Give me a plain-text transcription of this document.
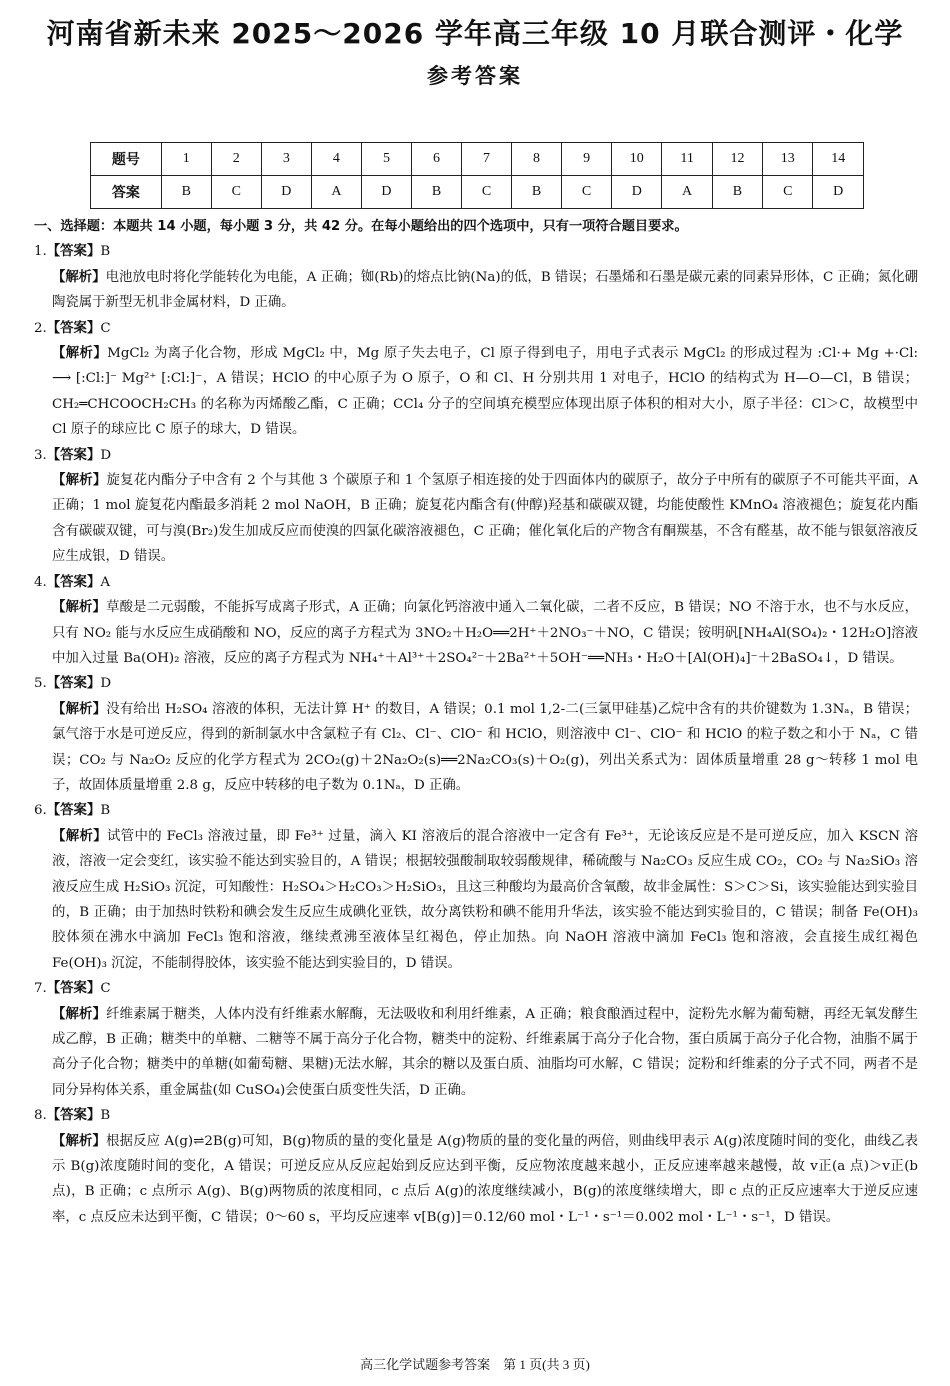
河南省新未来 2025～2026 学年高三年级 10 月联合测评・化学
参考答案
题号	1	2	3	4	5	6	7	8	9	10	11	12	13	14
答案	B	C	D	A	D	B	C	B	C	D	A	B	C	D
一、选择题：本题共 14 小题，每小题 3 分，共 42 分。在每小题给出的四个选项中，只有一项符合题目要求。
1.【答案】B
【解析】电池放电时将化学能转化为电能，A 正确；铷(Rb)的熔点比钠(Na)的低，B 错误；石墨烯和石墨是碳元素的同素异形体，C 正确；氮化硼陶瓷属于新型无机非金属材料，D 正确。
2.【答案】C
【解析】MgCl₂ 为离子化合物，形成 MgCl₂ 中，Mg 原子失去电子，Cl 原子得到电子，用电子式表示 MgCl₂ 的形成过程为 :Cl·+ Mg +·Cl: ⟶ [:Cl:]⁻ Mg²⁺ [:Cl:]⁻，A 错误；HClO 的中心原子为 O 原子，O 和 Cl、H 分别共用 1 对电子，HClO 的结构式为 H—O—Cl，B 错误；CH₂═CHCOOCH₂CH₃ 的名称为丙烯酸乙酯，C 正确；CCl₄ 分子的空间填充模型应体现出原子体积的相对大小，原子半径：Cl＞C，故模型中 Cl 原子的球应比 C 原子的球大，D 错误。
3.【答案】D
【解析】旋复花内酯分子中含有 2 个与其他 3 个碳原子和 1 个氢原子相连接的处于四面体内的碳原子，故分子中所有的碳原子不可能共平面，A 正确；1 mol 旋复花内酯最多消耗 2 mol NaOH，B 正确；旋复花内酯含有(仲醇)羟基和碳碳双键，均能使酸性 KMnO₄ 溶液褪色；旋复花内酯含有碳碳双键，可与溴(Br₂)发生加成反应而使溴的四氯化碳溶液褪色，C 正确；催化氧化后的产物含有酮羰基，不含有醛基，故不能与银氨溶液反应生成银，D 错误。
4.【答案】A
【解析】草酸是二元弱酸，不能拆写成离子形式，A 正确；向氯化钙溶液中通入二氧化碳，二者不反应，B 错误；NO 不溶于水，也不与水反应，只有 NO₂ 能与水反应生成硝酸和 NO，反应的离子方程式为 3NO₂＋H₂O══2H⁺＋2NO₃⁻＋NO，C 错误；铵明矾[NH₄Al(SO₄)₂・12H₂O]溶液中加入过量 Ba(OH)₂ 溶液，反应的离子方程式为 NH₄⁺＋Al³⁺＋2SO₄²⁻＋2Ba²⁺＋5OH⁻══NH₃・H₂O＋[Al(OH)₄]⁻＋2BaSO₄↓，D 错误。
5.【答案】D
【解析】没有给出 H₂SO₄ 溶液的体积，无法计算 H⁺ 的数目，A 错误；0.1 mol 1,2-二(三氯甲硅基)乙烷中含有的共价键数为 1.3Nₐ，B 错误；氯气溶于水是可逆反应，得到的新制氯水中含氯粒子有 Cl₂、Cl⁻、ClO⁻ 和 HClO，则溶液中 Cl⁻、ClO⁻ 和 HClO 的粒子数之和小于 Nₐ，C 错误；CO₂ 与 Na₂O₂ 反应的化学方程式为 2CO₂(g)＋2Na₂O₂(s)══2Na₂CO₃(s)＋O₂(g)，列出关系式为：固体质量增重 28 g～转移 1 mol 电子，故固体质量增重 2.8 g，反应中转移的电子数为 0.1Nₐ，D 正确。
6.【答案】B
【解析】试管中的 FeCl₃ 溶液过量，即 Fe³⁺ 过量，滴入 KI 溶液后的混合溶液中一定含有 Fe³⁺，无论该反应是不是可逆反应，加入 KSCN 溶液，溶液一定会变红，该实验不能达到实验目的，A 错误；根据较强酸制取较弱酸规律，稀硫酸与 Na₂CO₃ 反应生成 CO₂，CO₂ 与 Na₂SiO₃ 溶液反应生成 H₂SiO₃ 沉淀，可知酸性：H₂SO₄＞H₂CO₃＞H₂SiO₃，且这三种酸均为最高价含氧酸，故非金属性：S＞C＞Si，该实验能达到实验目的，B 正确；由于加热时铁粉和碘会发生反应生成碘化亚铁，故分离铁粉和碘不能用升华法，该实验不能达到实验目的，C 错误；制备 Fe(OH)₃ 胶体须在沸水中滴加 FeCl₃ 饱和溶液，继续煮沸至液体呈红褐色，停止加热。向 NaOH 溶液中滴加 FeCl₃ 饱和溶液，会直接生成红褐色 Fe(OH)₃ 沉淀，不能制得胶体，该实验不能达到实验目的，D 错误。
7.【答案】C
【解析】纤维素属于糖类，人体内没有纤维素水解酶，无法吸收和利用纤维素，A 正确；粮食酿酒过程中，淀粉先水解为葡萄糖，再经无氧发酵生成乙醇，B 正确；糖类中的单糖、二糖等不属于高分子化合物，糖类中的淀粉、纤维素属于高分子化合物，蛋白质属于高分子化合物，油脂不属于高分子化合物；糖类中的单糖(如葡萄糖、果糖)无法水解，其余的糖以及蛋白质、油脂均可水解，C 错误；淀粉和纤维素的分子式不同，两者不是同分异构体关系，重金属盐(如 CuSO₄)会使蛋白质变性失活，D 正确。
8.【答案】B
【解析】根据反应 A(g)⇌2B(g)可知，B(g)物质的量的变化量是 A(g)物质的量的变化量的两倍，则曲线甲表示 A(g)浓度随时间的变化，曲线乙表示 B(g)浓度随时间的变化，A 错误；可逆反应从反应起始到反应达到平衡，反应物浓度越来越小，正反应速率越来越慢，故 v正(a 点)＞v正(b 点)，B 正确；c 点所示 A(g)、B(g)两物质的浓度相同，c 点后 A(g)的浓度继续减小，B(g)的浓度继续增大，即 c 点的正反应速率大于逆反应速率，c 点反应未达到平衡，C 错误；0～60 s，平均反应速率 v[B(g)]＝0.12/60 mol・L⁻¹・s⁻¹＝0.002 mol・L⁻¹・s⁻¹，D 错误。
高三化学试题参考答案　第 1 页(共 3 页)
